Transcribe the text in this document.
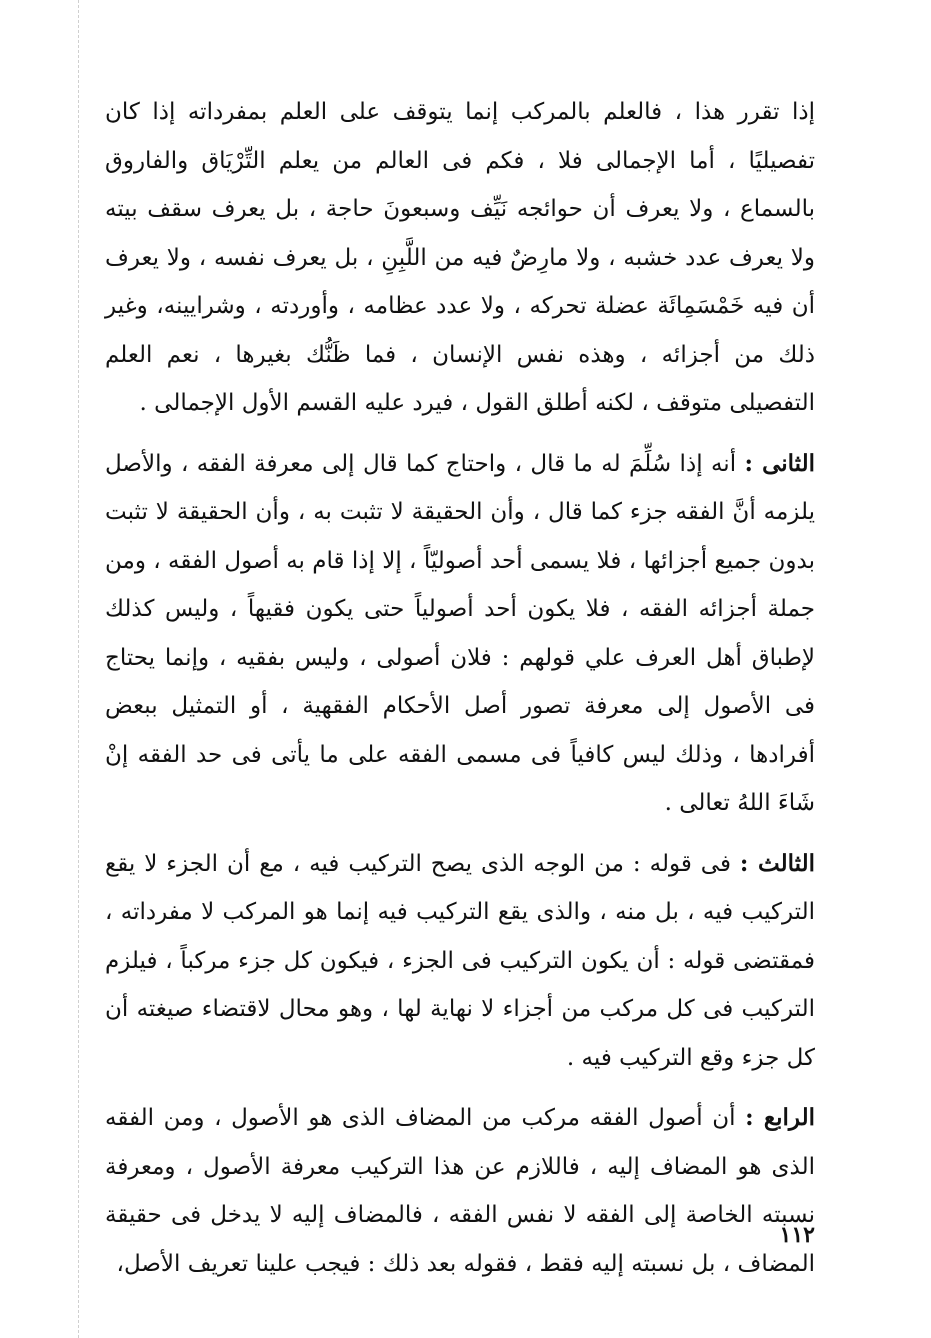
إذا تقرر هذا ، فالعلم بالمركب إنما يتوقف على العلم بمفرداته إذا كان تفصيليًا ، أما الإجمالى فلا ، فكم فى العالم من يعلم التِّرْيَاق والفاروق بالسماع ، ولا يعرف أن حوائجه نَيِّف وسبعونَ حاجة ، بل يعرف سقف بيته ولا يعرف عدد خشبه ، ولا مارِضٌ فيه من اللَّبِنِ ، بل يعرف نفسه ، ولا يعرف أن فيه خَمْسَمِائَة عضلة تحركه ، ولا عدد عظامه ، وأوردته ، وشرايينه، وغير ذلك من أجزائه ، وهذه نفس الإنسان ، فما ظَنُّك بغيرها ، نعم العلم التفصيلى متوقف ، لكنه أطلق القول ، فيرد عليه القسم الأول الإجمالى .

الثانى : أنه إذا سُلِّمَ له ما قال ، واحتاج كما قال إلى معرفة الفقه ، والأصل يلزمه أنَّ الفقه جزء كما قال ، وأن الحقيقة لا تثبت به ، وأن الحقيقة لا تثبت بدون جميع أجزائها ، فلا يسمى أحد أصوليّاً ، إلا إذا قام به أصول الفقه ، ومن جملة أجزائه الفقه ، فلا يكون أحد أصولياً حتى يكون فقيهاً ، وليس كذلك لإطباق أهل العرف علي قولهم : فلان أصولى ، وليس بفقيه ، وإنما يحتاج فى الأصول إلى معرفة تصور أصل الأحكام الفقهية ، أو التمثيل ببعض أفرادها ، وذلك ليس كافياً فى مسمى الفقه على ما يأتى فى حد الفقه إنْ شَاءَ اللهُ تعالى .

الثالث : فى قوله : من الوجه الذى يصح التركيب فيه ، مع أن الجزء لا يقع التركيب فيه ، بل منه ، والذى يقع التركيب فيه إنما هو المركب لا مفرداته ، فمقتضى قوله : أن يكون التركيب فى الجزء ، فيكون كل جزء مركباً ، فيلزم التركيب فى كل مركب من أجزاء لا نهاية لها ، وهو محال لاقتضاء صيغته أن كل جزء وقع التركيب فيه .

الرابع : أن أصول الفقه مركب من المضاف الذى هو الأصول ، ومن الفقه الذى هو المضاف إليه ، فاللازم عن هذا التركيب معرفة الأصول ، ومعرفة نسبته الخاصة إلى الفقه لا نفس الفقه ، فالمضاف إليه لا يدخل فى حقيقة المضاف ، بل نسبته إليه فقط ، فقوله بعد ذلك : فيجب علينا تعريف الأصل،

١١٢
